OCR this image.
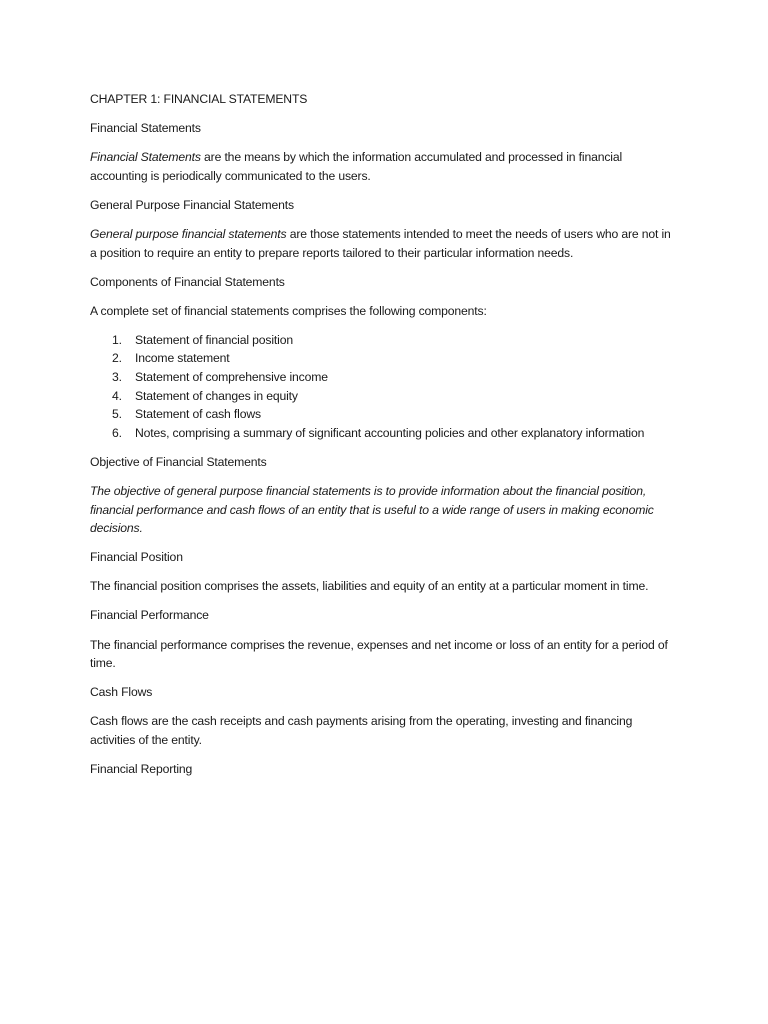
CHAPTER 1: FINANCIAL STATEMENTS

Financial Statements

Financial Statements are the means by which the information accumulated and processed in financial accounting is periodically communicated to the users.

General Purpose Financial Statements

General purpose financial statements are those statements intended to meet the needs of users who are not in a position to require an entity to prepare reports tailored to their particular information needs.

Components of Financial Statements

A complete set of financial statements comprises the following components:

1.	Statement of financial position
2.	Income statement
3.	Statement of comprehensive income
4.	Statement of changes in equity
5.	Statement of cash flows
6.	Notes, comprising a summary of significant accounting policies and other explanatory information

Objective of Financial Statements

The objective of general purpose financial statements is to provide information about the financial position, financial performance and cash flows of an entity that is useful to a wide range of users in making economic decisions.

Financial Position

The financial position comprises the assets, liabilities and equity of an entity at a particular moment in time.

Financial Performance

The financial performance comprises the revenue, expenses and net income or loss of an entity for a period of time.

Cash Flows

Cash flows are the cash receipts and cash payments arising from the operating, investing and financing activities of the entity.

Financial Reporting
